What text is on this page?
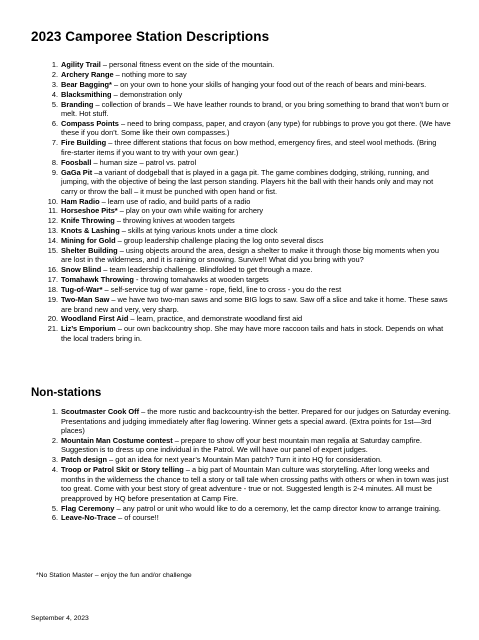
2023 Camporee Station Descriptions
1. Agility Trail – personal fitness event on the side of the mountain.
2. Archery Range – nothing more to say
3. Bear Bagging* – on your own to hone your skills of hanging your food out of the reach of bears and mini-bears.
4. Blacksmithing – demonstration only
5. Branding – collection of brands – We have leather rounds to brand, or you bring something to brand that won’t burn or melt. Hot stuff.
6. Compass Points – need to bring compass, paper, and crayon (any type) for rubbings to prove you got there. (We have these if you don’t. Some like their own compasses.)
7. Fire Building – three different stations that focus on bow method, emergency fires, and steel wool methods. (Bring fire-starter items if you want to try with your own gear.)
8. Foosball – human size – patrol vs. patrol
9. GaGa Pit –a variant of dodgeball that is played in a gaga pit. The game combines dodging, striking, running, and jumping, with the objective of being the last person standing. Players hit the ball with their hands only and may not carry or throw the ball – it must be punched with open hand or fist.
10. Ham Radio – learn use of radio, and build parts of a radio
11. Horseshoe Pits* – play on your own while waiting for archery
12. Knife Throwing – throwing knives at wooden targets
13. Knots & Lashing – skills at tying various knots under a time clock
14. Mining for Gold – group leadership challenge placing the log onto several discs
15. Shelter Building – using objects around the area, design a shelter to make it through those big moments when you are lost in the wilderness, and it is raining or snowing. Survive!! What did you bring with you?
16. Snow Blind – team leadership challenge. Blindfolded to get through a maze.
17. Tomahawk Throwing - throwing tomahawks at wooden targets
18. Tug-of-War* – self-service tug of war game - rope, field, line to cross - you do the rest
19. Two-Man Saw – we have two two-man saws and some BIG logs to saw. Saw off a slice and take it home. These saws are brand new and very, very sharp.
20. Woodland First Aid – learn, practice, and demonstrate woodland first aid
21. Liz’s Emporium – our own backcountry shop. She may have more raccoon tails and hats in stock. Depends on what the local traders bring in.
Non-stations
1. Scoutmaster Cook Off – the more rustic and backcountry-ish the better. Prepared for our judges on Saturday evening. Presentations and judging immediately after flag lowering. Winner gets a special award. (Extra points for 1st—3rd places)
2. Mountain Man Costume contest – prepare to show off your best mountain man regalia at Saturday campfire. Suggestion is to dress up one individual in the Patrol. We will have our panel of expert judges.
3. Patch design – got an idea for next year’s Mountain Man patch? Turn it into HQ for consideration.
4. Troop or Patrol Skit or Story telling – a big part of Mountain Man culture was storytelling. After long weeks and months in the wilderness the chance to tell a story or tall tale when crossing paths with others or when in town was just too great. Come with your best story of great adventure - true or not. Suggested length is 2-4 minutes. All must be preapproved by HQ before presentation at Camp Fire.
5. Flag Ceremony – any patrol or unit who would like to do a ceremony, let the camp director know to arrange training.
6. Leave-No-Trace – of course!!
*No Station Master – enjoy the fun and/or challenge
September 4, 2023
